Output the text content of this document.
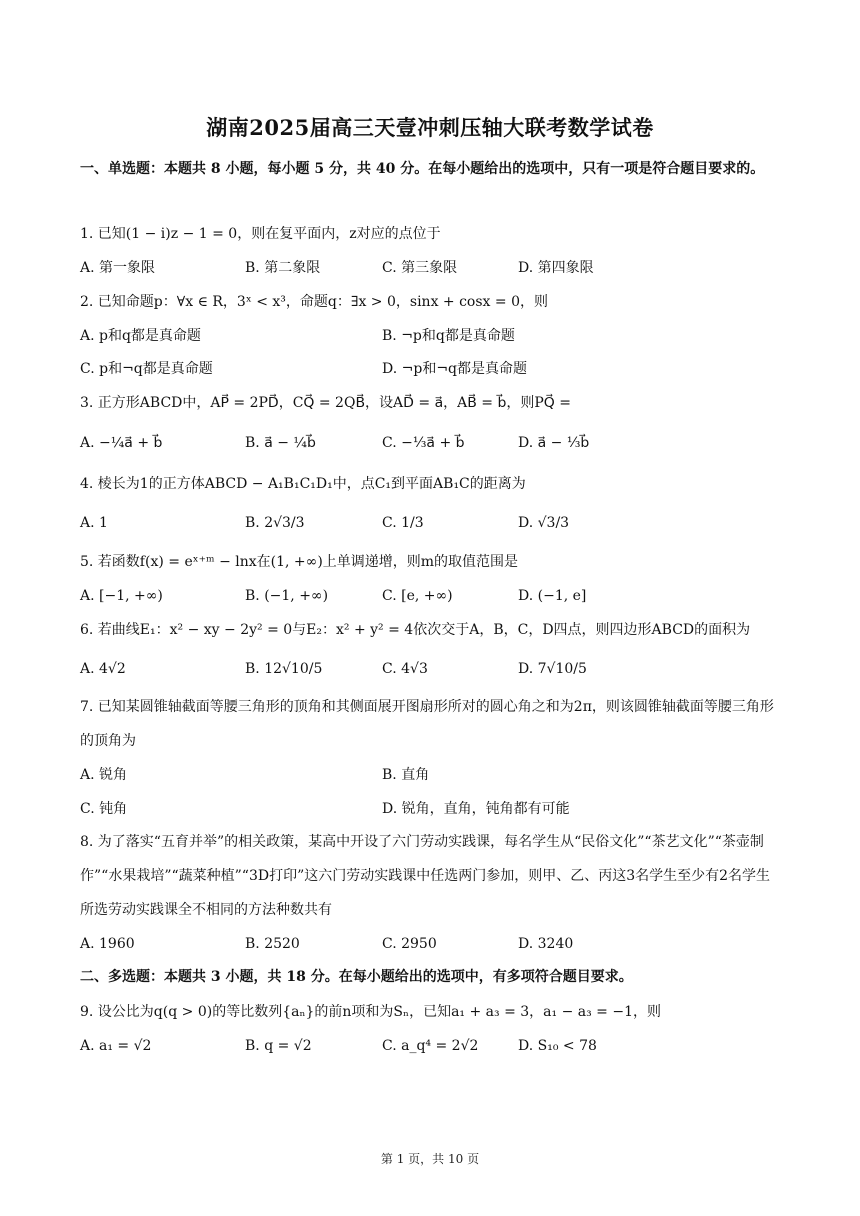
湖南2025届高三天壹冲刺压轴大联考数学试卷
一、单选题：本题共 8 小题，每小题 5 分，共 40 分。在每小题给出的选项中，只有一项是符合题目要求的。
1. 已知(1 − i)z − 1 = 0，则在复平面内，z对应的点位于
A. 第一象限	B. 第二象限	C. 第三象限	D. 第四象限
2. 已知命题p：∀x ∈ R，3ˣ < x³，命题q：∃x > 0，sinx + cosx = 0，则
A. p和q都是真命题	B. ¬p和q都是真命题
C. p和¬q都是真命题	D. ¬p和¬q都是真命题
3. 正方形ABCD中，AP⃗ = 2PD⃗，CQ⃗ = 2QB⃗，设AD⃗ = a⃗，AB⃗ = b⃗，则PQ⃗ =
A. −¼a⃗ + b⃗	B. a⃗ − ¼b⃗	C. −⅓a⃗ + b⃗	D. a⃗ − ⅓b⃗
4. 棱长为1的正方体ABCD − A₁B₁C₁D₁中，点C₁到平面AB₁C的距离为
A. 1	B. 2√3/3	C. 1/3	D. √3/3
5. 若函数f(x) = eˣ⁺ᵐ − lnx在(1, +∞)上单调递增，则m的取值范围是
A. [−1, +∞)	B. (−1, +∞)	C. [e, +∞)	D. (−1, e]
6. 若曲线E₁：x² − xy − 2y² = 0与E₂：x² + y² = 4依次交于A，B，C，D四点，则四边形ABCD的面积为
A. 4√2	B. 12√10/5	C. 4√3	D. 7√10/5
7. 已知某圆锥轴截面等腰三角形的顶角和其侧面展开图扇形所对的圆心角之和为2π，则该圆锥轴截面等腰三角形的顶角为
A. 锐角	B. 直角
C. 钝角	D. 锐角，直角，钝角都有可能
8. 为了落实“五育并举”的相关政策，某高中开设了六门劳动实践课，每名学生从“民俗文化”“茶艺文化”“茶壶制作”“水果栽培”“蔬菜种植”“3D打印”这六门劳动实践课中任选两门参加，则甲、乙、丙这3名学生至少有2名学生所选劳动实践课全不相同的方法种数共有
A. 1960	B. 2520	C. 2950	D. 3240
二、多选题：本题共 3 小题，共 18 分。在每小题给出的选项中，有多项符合题目要求。
9. 设公比为q(q > 0)的等比数列{aₙ}的前n项和为Sₙ，已知a₁ + a₃ = 3，a₁ − a₃ = −1，则
A. a₁ = √2	B. q = √2	C. a_q⁴ = 2√2	D. S₁₀ < 78
第 1 页，共 10 页
